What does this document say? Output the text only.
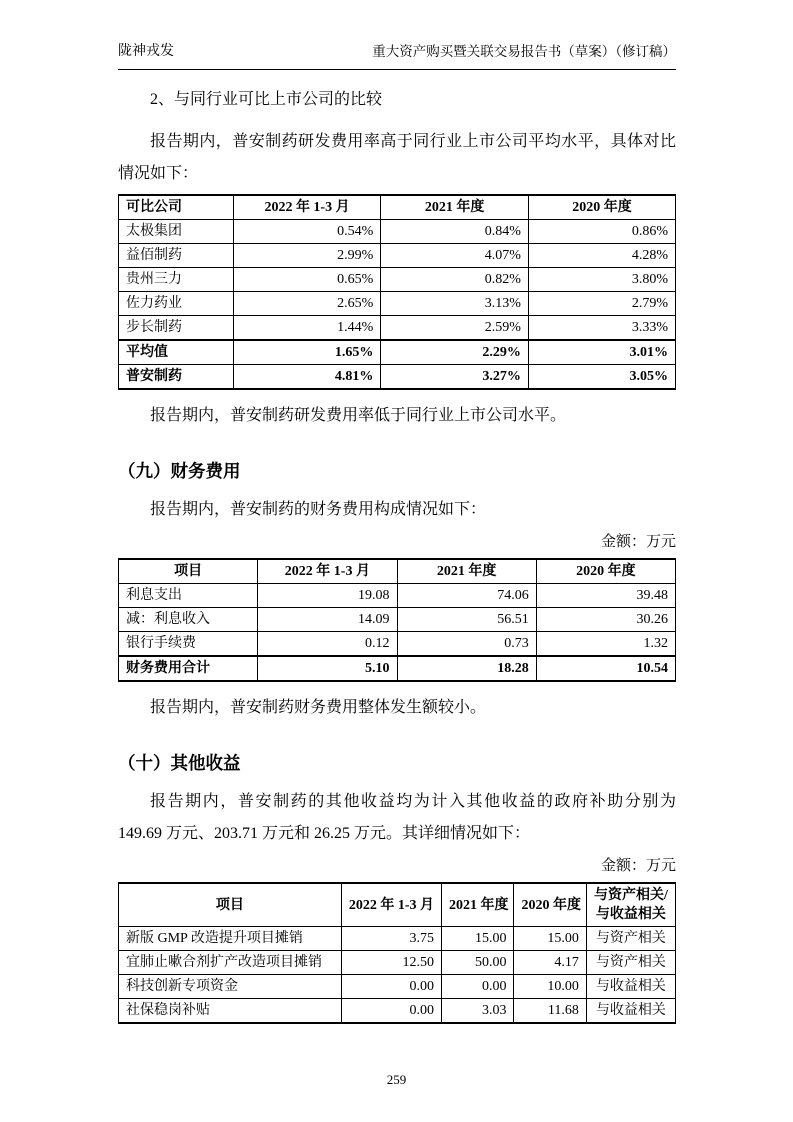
陇神戎发	重大资产购买暨关联交易报告书（草案）（修订稿）

2、与同行业可比上市公司的比较

报告期内，普安制药研发费用率高于同行业上市公司平均水平，具体对比情况如下：

可比公司	2022 年 1-3 月	2021 年度	2020 年度
太极集团	0.54%	0.84%	0.86%
益佰制药	2.99%	4.07%	4.28%
贵州三力	0.65%	0.82%	3.80%
佐力药业	2.65%	3.13%	2.79%
步长制药	1.44%	2.59%	3.33%
平均值	1.65%	2.29%	3.01%
普安制药	4.81%	3.27%	3.05%

报告期内，普安制药研发费用率低于同行业上市公司水平。

（九）财务费用

报告期内，普安制药的财务费用构成情况如下：

金额：万元

项目	2022 年 1-3 月	2021 年度	2020 年度
利息支出	19.08	74.06	39.48
减：利息收入	14.09	56.51	30.26
银行手续费	0.12	0.73	1.32
财务费用合计	5.10	18.28	10.54

报告期内，普安制药财务费用整体发生额较小。

（十）其他收益

报告期内，普安制药的其他收益均为计入其他收益的政府补助分别为 149.69 万元、203.71 万元和 26.25 万元。其详细情况如下：

金额：万元

项目	2022 年 1-3 月	2021 年度	2020 年度	与资产相关/与收益相关
新版 GMP 改造提升项目摊销	3.75	15.00	15.00	与资产相关
宜肺止嗽合剂扩产改造项目摊销	12.50	50.00	4.17	与资产相关
科技创新专项资金	0.00	0.00	10.00	与收益相关
社保稳岗补贴	0.00	3.03	11.68	与收益相关
259
